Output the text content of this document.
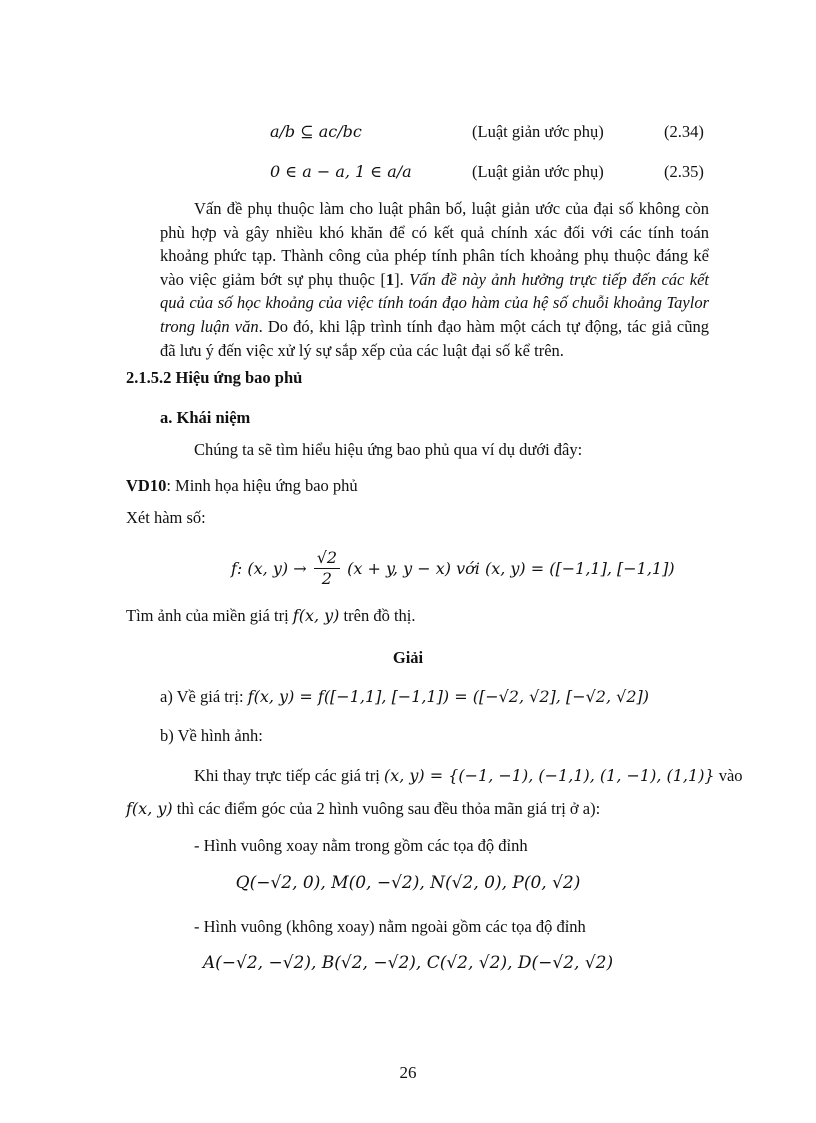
a/b ⊆ ac/bc	(Luật giản ước phụ)	(2.34)
0 ∈ a − a, 1 ∈ a/a	(Luật giản ước phụ)	(2.35)
Vấn đề phụ thuộc làm cho luật phân bố, luật giản ước của đại số không còn phù hợp và gây nhiều khó khăn để có kết quả chính xác đối với các tính toán khoảng phức tạp. Thành công của phép tính phân tích khoảng phụ thuộc đáng kể vào việc giảm bớt sự phụ thuộc [1]. Vấn đề này ảnh hưởng trực tiếp đến các kết quả của số học khoảng của việc tính toán đạo hàm của hệ số chuỗi khoảng Taylor trong luận văn. Do đó, khi lập trình tính đạo hàm một cách tự động, tác giả cũng đã lưu ý đến việc xử lý sự sắp xếp của các luật đại số kể trên.
2.1.5.2 Hiệu ứng bao phủ
a. Khái niệm
Chúng ta sẽ tìm hiểu hiệu ứng bao phủ qua ví dụ dưới đây:
VD10: Minh họa hiệu ứng bao phủ
Xét hàm số:
f: (x, $y) \to \frac{√2}{2} (x + y$, y − x) với (x, y) = ([−1,1], [−1,1])
Tìm ảnh của miền giá trị f(x, y) trên đồ thị.
Giải
a) Về giá trị: f(x, y) = f([−1,1], [−1,1]) = ([−√2, √2], [−√2, √2])
b) Về hình ảnh:
Khi thay trực tiếp các giá trị (x, y) = {(−1, −1), (−1,1), (1, −1), (1,1)} vào
f(x, y) thì các điểm góc của 2 hình vuông sau đều thỏa mãn giá trị ở a):
- Hình vuông xoay nằm trong gồm các tọa độ đỉnh
Q(−√2, 0), M(0, −√2), N(√2, 0), P(0, √2)
- Hình vuông (không xoay) nằm ngoài gồm các tọa độ đỉnh
A(−√2, −√2), B(√2, −√2), C(√2, √2), D(−√2, √2)
26
